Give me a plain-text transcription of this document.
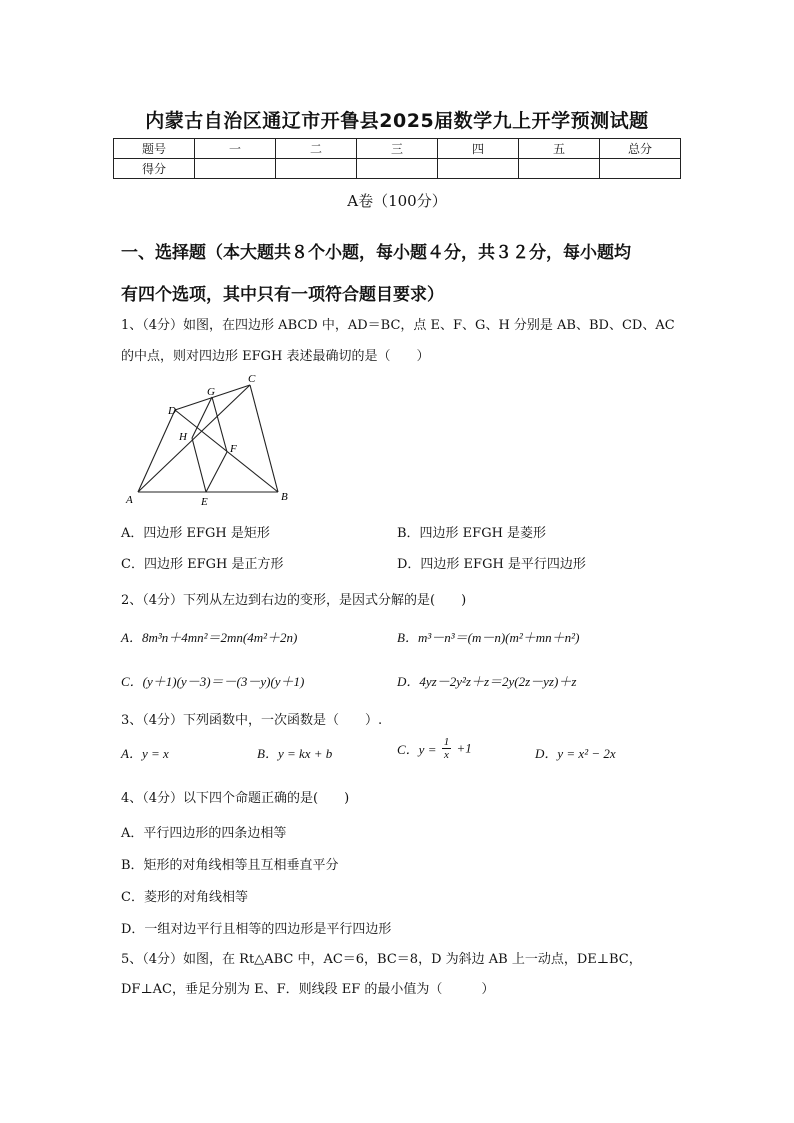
内蒙古自治区通辽市开鲁县2025届数学九上开学预测试题
题号	一	二	三	四	五	总分
得分						
A卷（100分）
一、选择题（本大题共８个小题，每小题４分，共３２分，每小题均
有四个选项，其中只有一项符合题目要求）
1、（4分）如图，在四边形 ABCD 中，AD＝BC，点 E、F、G、H 分别是 AB、BD、CD、AC
的中点，则对四边形 EFGH 表述最确切的是（　　）
A	B
C
D
E
F
G
H
A．四边形 EFGH 是矩形	B．四边形 EFGH 是菱形
C．四边形 EFGH 是正方形	D．四边形 EFGH 是平行四边形
2、（4分）下列从左边到右边的变形，是因式分解的是(　　)
A．8m³n＋4mn²＝2mn(4m²＋2n)	B．m³－n³＝(m－n)(m²＋mn＋n²)
C．(y＋1)(y－3)＝－(3－y)(y＋1)	D．4yz－2y²z＋z＝2y(2z－yz)＋z
3、（4分）下列函数中，一次函数是（　　）.
A．y = x	B．y = kx + b	C．$y = \frac{1}{x} +1$	D．y = x² − 2x
4、（4分）以下四个命题正确的是(　　)
A．平行四边形的四条边相等
B．矩形的对角线相等且互相垂直平分
C．菱形的对角线相等
D．一组对边平行且相等的四边形是平行四边形
5、（4分）如图，在 Rt△ABC 中，AC＝6，BC＝8，D 为斜边 AB 上一动点，DE⊥BC，
DF⊥AC，垂足分别为 E、F．则线段 EF 的最小值为（　　　）
